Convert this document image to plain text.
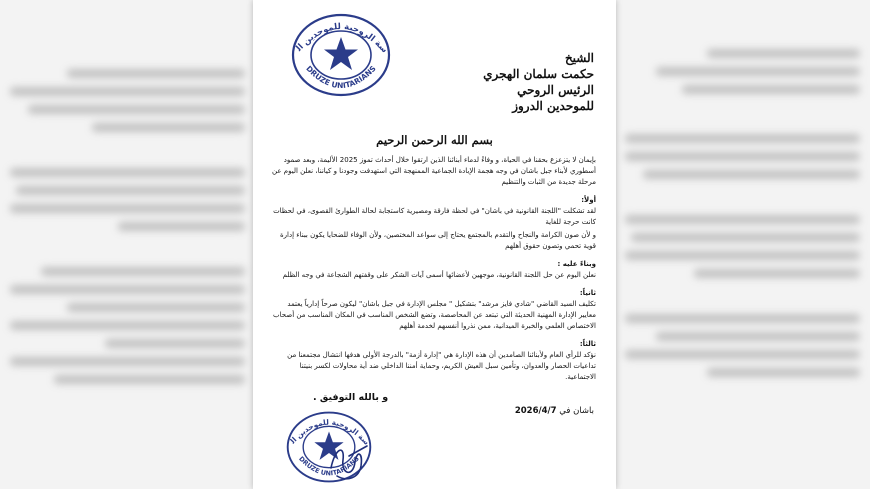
سة الروحية للموحدين ال
DRUZE UNITARIANS
الشيخ
حكمت سلمان الهجري
الرئيس الروحي
للموحدين الدروز
بسم الله الرحمن الرحيم

بإيمان لا يتزعزع بحقنا في الحياة، و وفاءً لدماء أبنائنا الذين ارتقوا خلال أحداث تموز 2025 الأليمة، وبعد صمود أسطوري لأبناء جبل باشان في وجه هجمة الإبادة الجماعية الممنهجة التي استهدفت وجودنا و كياننا، نعلن اليوم عن مرحلة جديدة من الثبات والتنظيم

أولاً:

لقد تشكلت "اللجنة القانونية في باشان" في لحظة فارقة ومصيرية كاستجابة لحالة الطوارئ القصوى، في لحظات كانت حرجة للغاية

و لأن صون الكرامة والنجاح والتقدم بالمجتمع يحتاج إلى سواعد المختصين، ولأن الوفاء للضحايا يكون ببناء إدارة قوية تحمي وتصون حقوق أهلهم

وبناءً عليه :

نعلن اليوم عن حل اللجنة القانونية، موجهين لأعضائها أسمى آيات الشكر على وقفتهم الشجاعة في وجه الظلم

ثانياً:

تكليف السيد القاضي "شادي فايز مرشد" بتشكيل " مجلس الإدارة في جبل باشان" ليكون صرحاً إدارياً يعتمد معايير الإدارة المهنية الحديثة التي تبتعد عن المحاصصة، وتضع الشخص المناسب في المكان المناسب من أصحاب الاختصاص العلمي والخبرة الميدانية، ممن نذروا أنفسهم لخدمة أهلهم

ثالثاً:

نؤكد للرأي العام ولأبنائنا الصامدين أن هذه الإدارة هي "إدارة أزمة" بالدرجة الأولى هدفها انتشال مجتمعنا من تداعيات الحصار والعدوان، وتأمين سبل العيش الكريم، وحماية أمننا الداخلي ضد أية محاولات لكسر بنيتنا الاجتماعية.

و بالله التوفيق .
باشان في 2026/4/7
سة الروحية للموحدين ال
DRUZE UNITARIANS
